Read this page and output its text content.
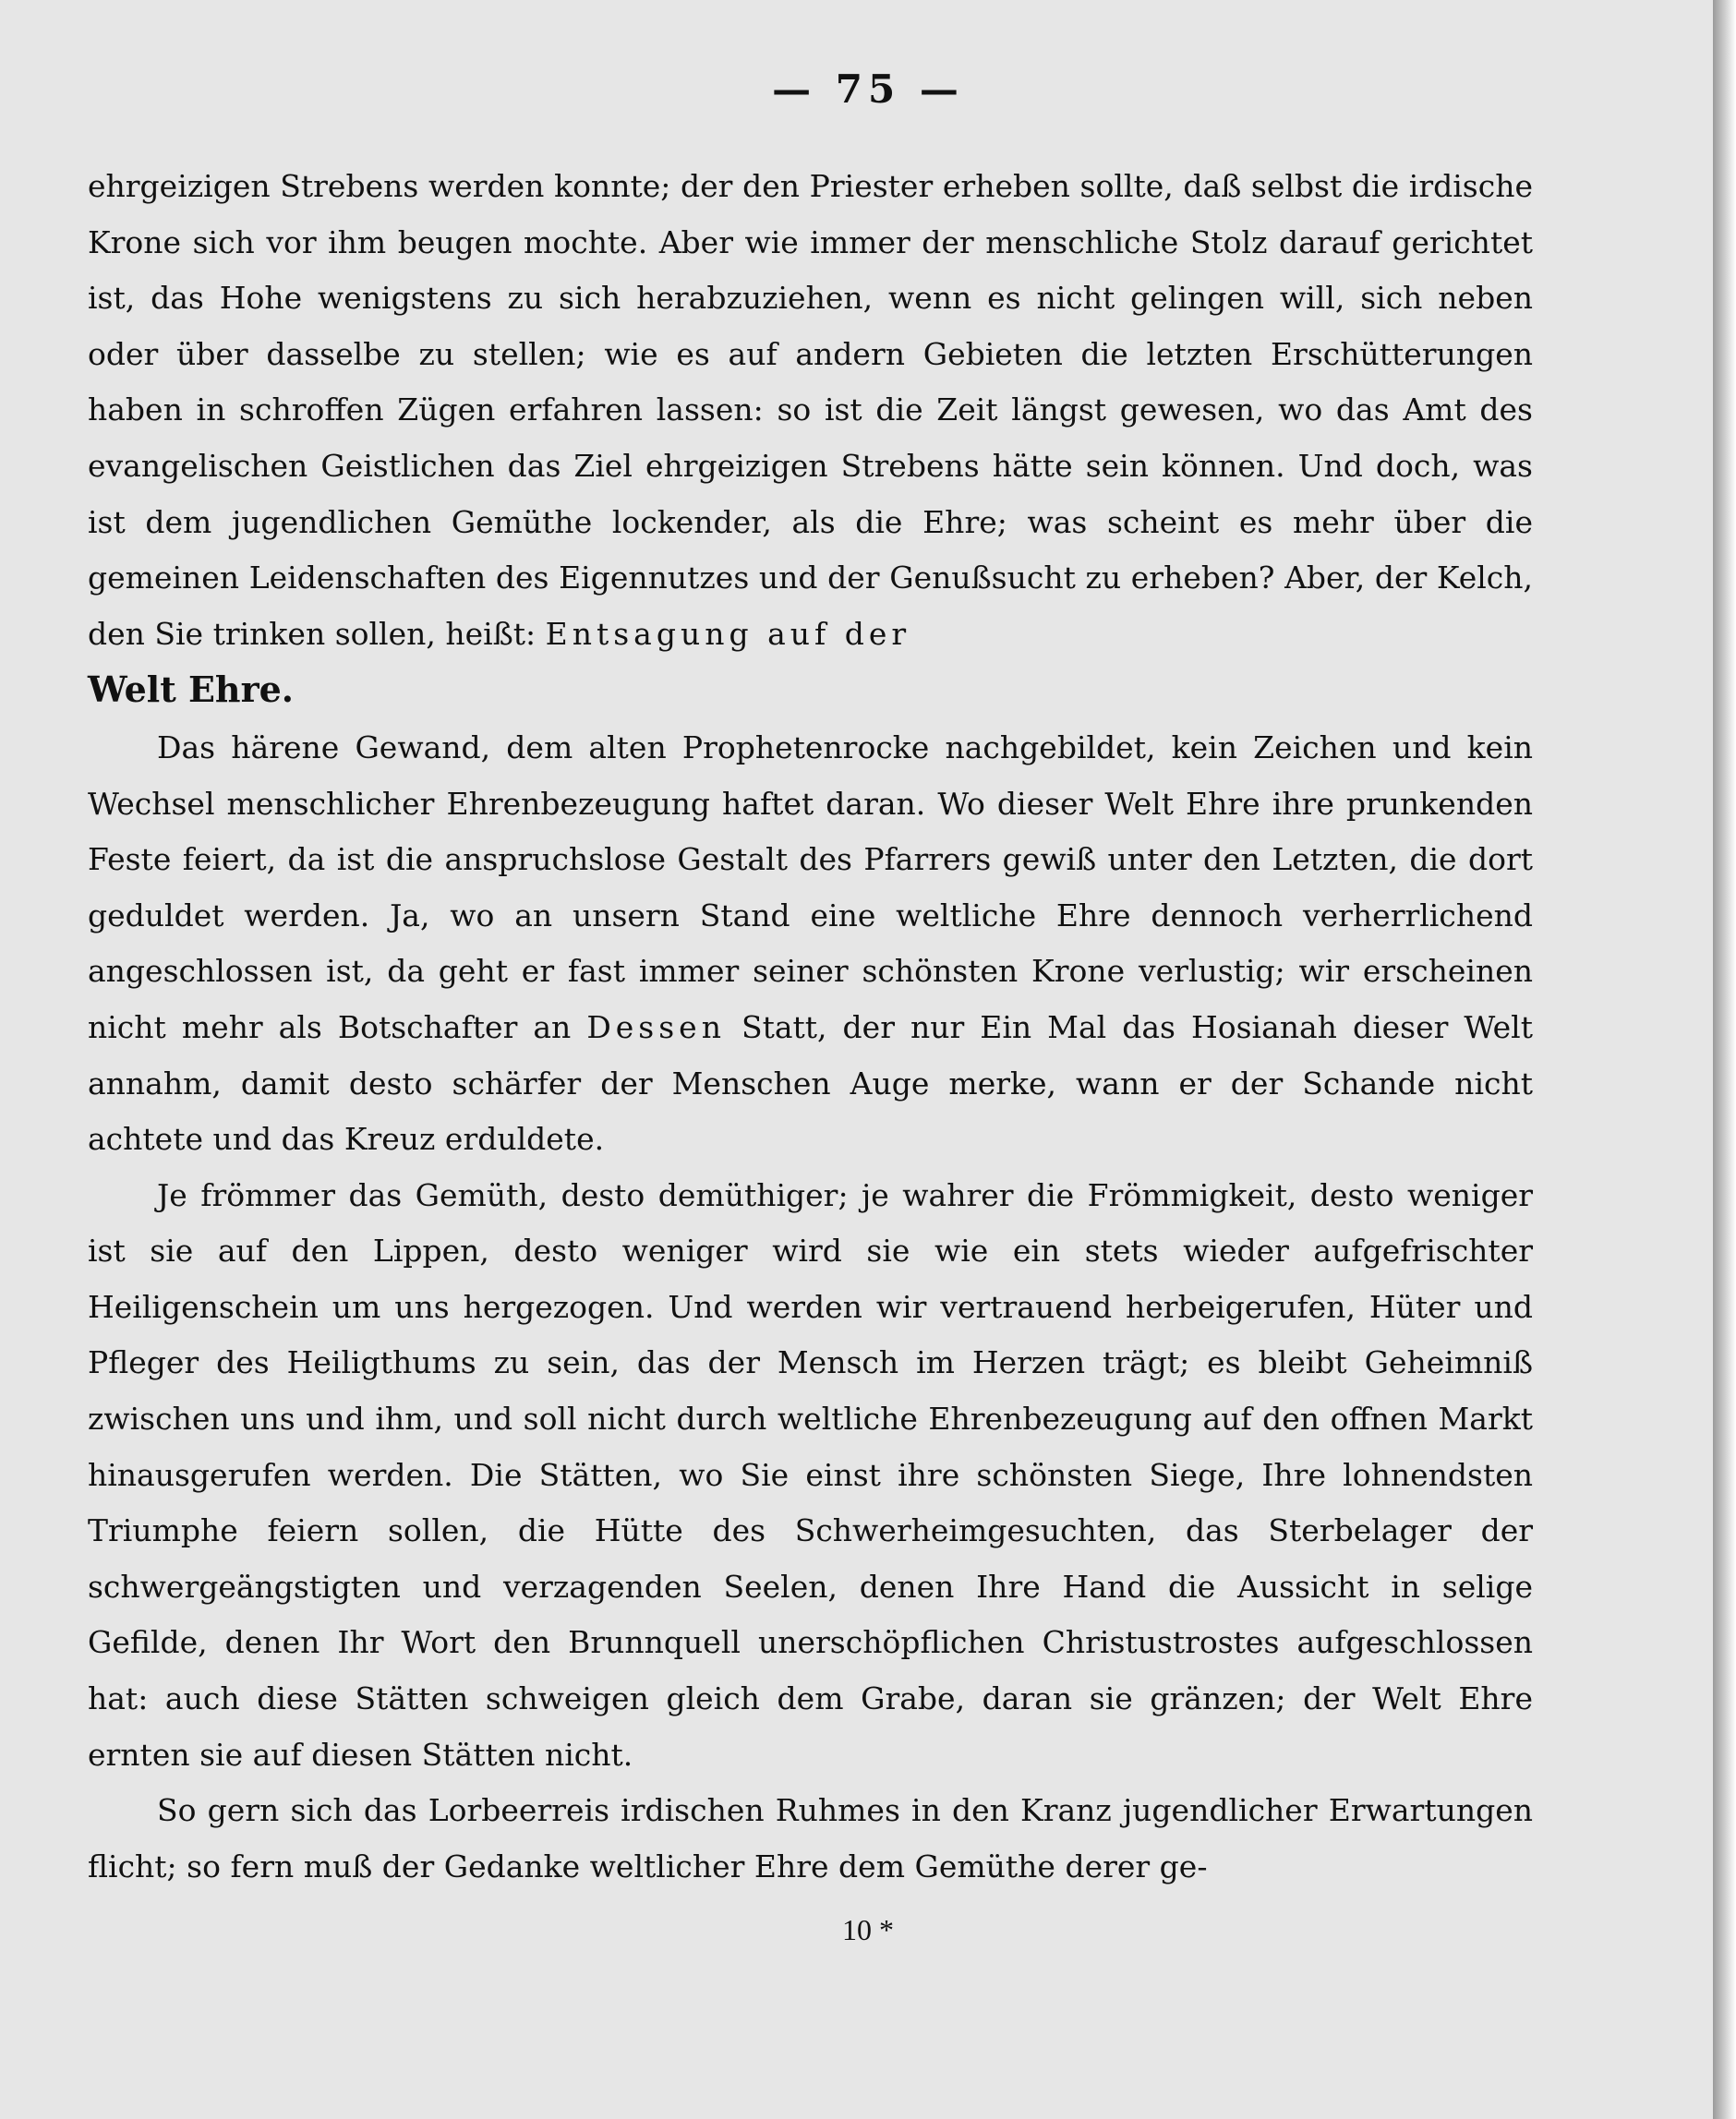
— 75 —

ehrgeizigen Strebens werden konnte; der den Priester erheben sollte, daß selbst die irdische Krone sich vor ihm beugen mochte. Aber wie immer der menschliche Stolz darauf gerichtet ist, das Hohe wenigstens zu sich herabzuziehen, wenn es nicht gelingen will, sich neben oder über dasselbe zu stellen; wie es auf andern Gebieten die letzten Erschütterungen haben in schroffen Zügen erfahren lassen: so ist die Zeit längst gewesen, wo das Amt des evangelischen Geistlichen das Ziel ehrgeizigen Strebens hätte sein können. Und doch, was ist dem jugendlichen Gemüthe lockender, als die Ehre; was scheint es mehr über die gemeinen Leidenschaften des Eigennutzes und der Genußsucht zu erheben? Aber, der Kelch, den Sie trinken sollen, heißt: Entsagung auf der
Welt Ehre.

Das härene Gewand, dem alten Prophetenrocke nachgebildet, kein Zeichen und kein Wechsel menschlicher Ehrenbezeugung haftet daran. Wo dieser Welt Ehre ihre prunkenden Feste feiert, da ist die anspruchslose Gestalt des Pfarrers gewiß unter den Letzten, die dort geduldet werden. Ja, wo an unsern Stand eine weltliche Ehre dennoch verherrlichend angeschlossen ist, da geht er fast immer seiner schönsten Krone verlustig; wir erscheinen nicht mehr als Botschafter an Dessen Statt, der nur Ein Mal das Hosianah dieser Welt annahm, damit desto schärfer der Menschen Auge merke, wann er der Schande nicht achtete und das Kreuz erduldete.

Je frömmer das Gemüth, desto demüthiger; je wahrer die Frömmigkeit, desto weniger ist sie auf den Lippen, desto weniger wird sie wie ein stets wieder aufgefrischter Heiligenschein um uns hergezogen. Und werden wir vertrauend herbeigerufen, Hüter und Pfleger des Heiligthums zu sein, das der Mensch im Herzen trägt; es bleibt Geheimniß zwischen uns und ihm, und soll nicht durch weltliche Ehrenbezeugung auf den offnen Markt hinausgerufen werden. Die Stätten, wo Sie einst ihre schönsten Siege, Ihre lohnendsten Triumphe feiern sollen, die Hütte des Schwerheimgesuchten, das Sterbelager der schwergeängstigten und verzagenden Seelen, denen Ihre Hand die Aussicht in selige Gefilde, denen Ihr Wort den Brunnquell unerschöpflichen Christustrostes aufgeschlossen hat: auch diese Stätten schweigen gleich dem Grabe, daran sie gränzen; der Welt Ehre ernten sie auf diesen Stätten nicht.

So gern sich das Lorbeerreis irdischen Ruhmes in den Kranz jugendlicher Erwartungen flicht; so fern muß der Gedanke weltlicher Ehre dem Gemüthe derer ge-

10 *
